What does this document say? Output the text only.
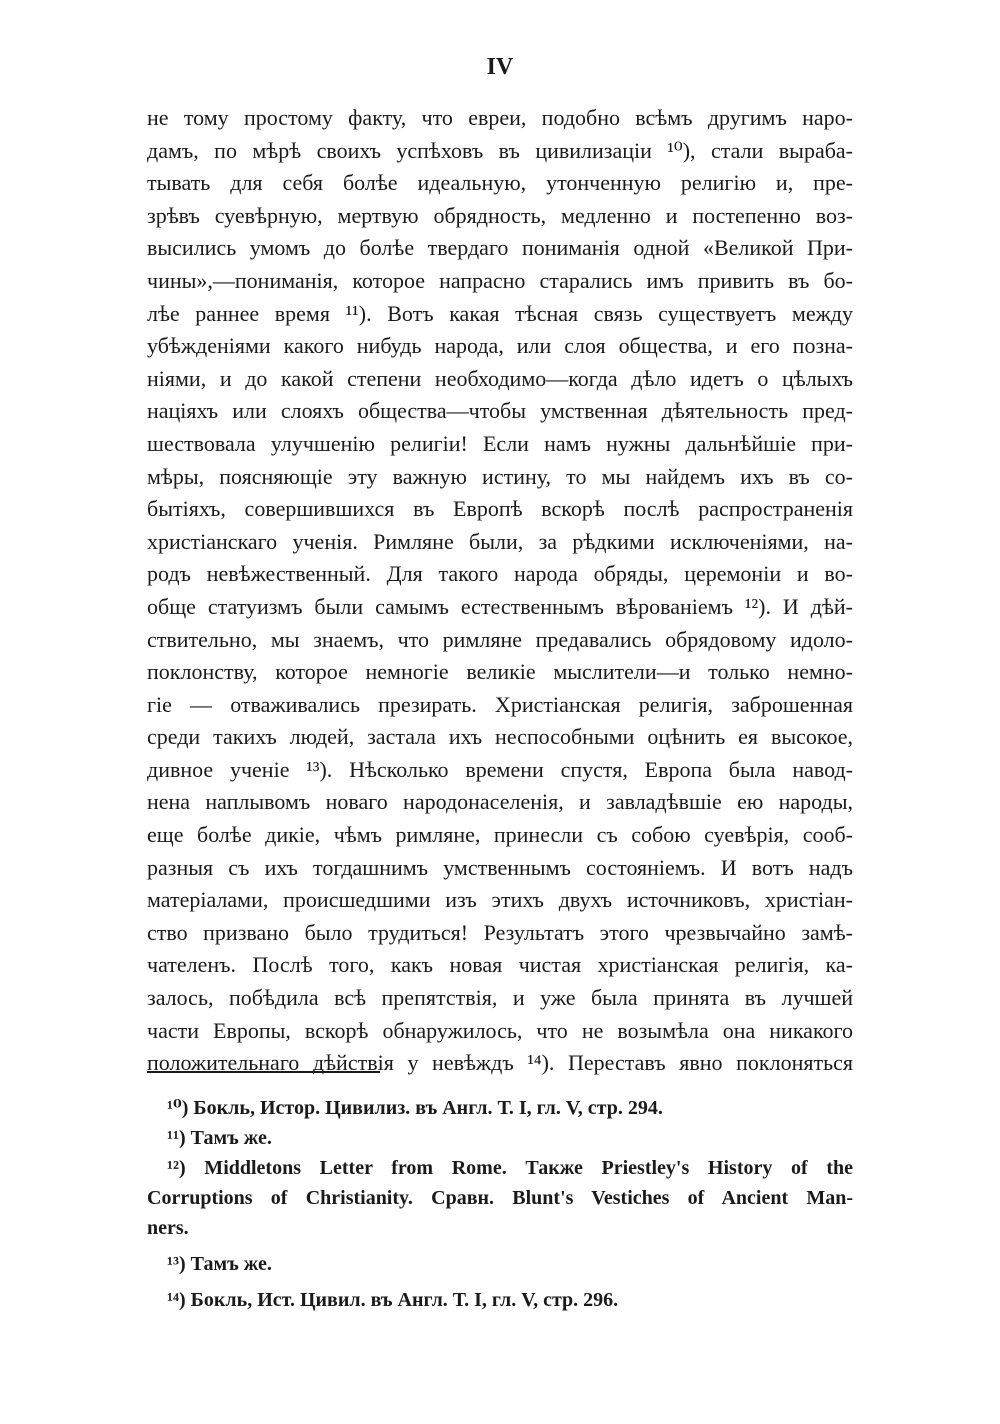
IV
не тому простому факту, что евреи, подобно всѣмъ другимъ наро-
дамъ, по мѣрѣ своихъ успѣховъ въ цивилизаціи ¹⁰), стали выраба-
тывать для себя болѣе идеальную, утонченную религію и, пре-
зрѣвъ суевѣрную, мертвую обрядность, медленно и постепенно воз-
высились умомъ до болѣе твердаго пониманія одной «Великой При-
чины»,—пониманія, которое напрасно старались имъ привить въ бо-
лѣе раннее время ¹¹). Вотъ какая тѣсная связь существуетъ между
убѣжденіями какого нибудь народа, или слоя общества, и его позна-
ніями, и до какой степени необходимо—когда дѣло идетъ о цѣлыхъ
націяхъ или слояхъ общества—чтобы умственная дѣятельность пред-
шествовала улучшенію религіи! Если намъ нужны дальнѣйшіе при-
мѣры, поясняющіе эту важную истину, то мы найдемъ ихъ въ со-
бытіяхъ, совершившихся въ Европѣ вскорѣ послѣ распространенія
христіанскаго ученія. Римляне были, за рѣдкими исключеніями, на-
родъ невѣжественный. Для такого народа обряды, церемоніи и во-
обще статуизмъ были самымъ естественнымъ вѣрованіемъ ¹²). И дѣй-
ствительно, мы знаемъ, что римляне предавались обрядовому идоло-
поклонству, которое немногіе великіе мыслители—и только немно-
гіе — отваживались презирать. Христіанская религія, заброшенная
среди такихъ людей, застала ихъ неспособными оцѣнить ея высокое,
дивное ученіе ¹³). Нѣсколько времени спустя, Европа была навод-
нена наплывомъ новаго народонаселенія, и завладѣвшіе ею народы,
еще болѣе дикіе, чѣмъ римляне, принесли съ собою суевѣрія, сооб-
разныя съ ихъ тогдашнимъ умственнымъ состояніемъ. И вотъ надъ
матеріалами, происшедшими изъ этихъ двухъ источниковъ, христіан-
ство призвано было трудиться! Результатъ этого чрезвычайно замѣ-
чателенъ. Послѣ того, какъ новая чистая христіанская религія, ка-
залось, побѣдила всѣ препятствія, и уже была принята въ лучшей
части Европы, вскорѣ обнаружилось, что не возымѣла она никакого
положительнаго дѣйствія у невѣждъ ¹⁴). Переставъ явно поклоняться
¹⁰) Бокль, Истор. Цивилиз. въ Англ. Т. I, гл. V, стр. 294.
¹¹) Тамъ же.
¹²) Middletons Letter from Rome. Также Priestley's History of the
Corruptions of Christianity. Сравн. Blunt's Vestiches of Ancient Man-
ners.
¹³) Тамъ же.
¹⁴) Бокль, Ист. Цивил. въ Англ. Т. I, гл. V, стр. 296.
